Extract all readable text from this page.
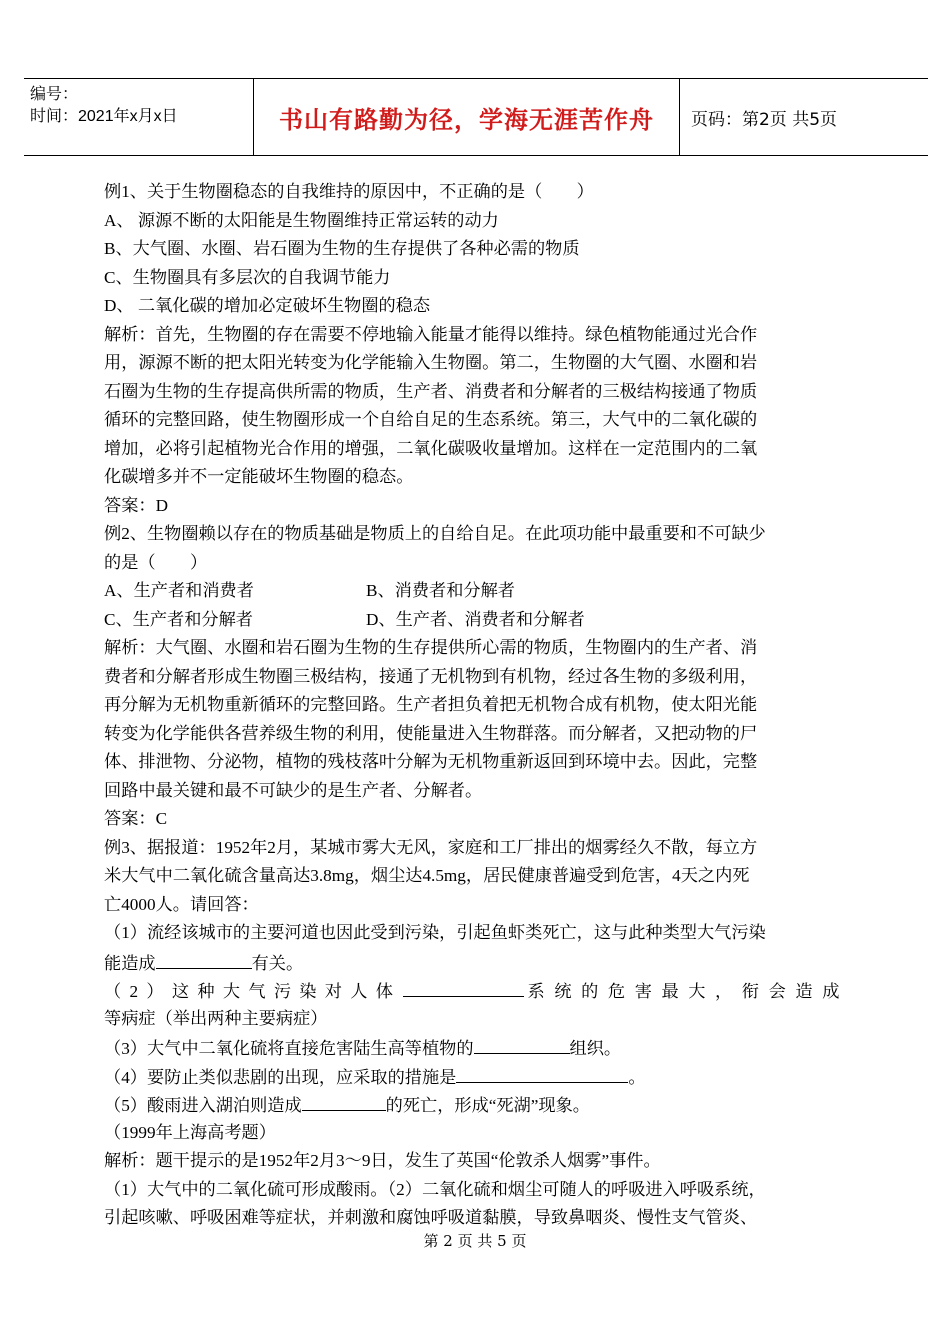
编号：
时间：2021年x月x日	书山有路勤为径，学海无涯苦作舟 页码：第2页 共5页
例1、关于生物圈稳态的自我维持的原因中，不正确的是（　　）
A、 源源不断的太阳能是生物圈维持正常运转的动力
B、大气圈、水圈、岩石圈为生物的生存提供了各种必需的物质
C、生物圈具有多层次的自我调节能力
D、 二氧化碳的增加必定破坏生物圈的稳态
解析：首先，生物圈的存在需要不停地输入能量才能得以维持。绿色植物能通过光合作
用，源源不断的把太阳光转变为化学能输入生物圈。第二，生物圈的大气圈、水圈和岩
石圈为生物的生存提高供所需的物质，生产者、消费者和分解者的三极结构接通了物质
循环的完整回路，使生物圈形成一个自给自足的生态系统。第三，大气中的二氧化碳的
增加，必将引起植物光合作用的增强，二氧化碳吸收量增加。这样在一定范围内的二氧
化碳增多并不一定能破坏生物圈的稳态。
答案：D
例2、生物圈赖以存在的物质基础是物质上的自给自足。在此项功能中最重要和不可缺少
的是（　　）
A、生产者和消费者	B、消费者和分解者
C、生产者和分解者	D、生产者、消费者和分解者
解析：大气圈、水圈和岩石圈为生物的生存提供所心需的物质，生物圈内的生产者、消
费者和分解者形成生物圈三极结构，接通了无机物到有机物，经过各生物的多级利用，
再分解为无机物重新循环的完整回路。生产者担负着把无机物合成有机物，使太阳光能
转变为化学能供各营养级生物的利用，使能量进入生物群落。而分解者，又把动物的尸
体、排泄物、分泌物，植物的残枝落叶分解为无机物重新返回到环境中去。因此，完整
回路中最关键和最不可缺少的是生产者、分解者。
答案：C
例3、据报道：1952年2月，某城市雾大无风，家庭和工厂排出的烟雾经久不散，每立方
米大气中二氧化硫含量高达3.8mg，烟尘达4.5mg，居民健康普遍受到危害，4天之内死
亡4000人。请回答：
（1）流经该城市的主要河道也因此受到污染，引起鱼虾类死亡，这与此种类型大气污染
能造成	有关。
（2）这种大气污染对人体	系统的危害最大，衔会造成
等病症（举出两种主要病症）
（3）大气中二氧化硫将直接危害陆生高等植物的	组织。
（4）要防止类似悲剧的出现，应采取的措施是	。
（5）酸雨进入湖泊则造成	的死亡，形成“死湖”现象。
（1999年上海高考题）
解析：题干提示的是1952年2月3～9日，发生了英国“伦敦杀人烟雾”事件。
（1）大气中的二氧化硫可形成酸雨。（2）二氧化硫和烟尘可随人的呼吸进入呼吸系统，
引起咳嗽、呼吸困难等症状，并刺激和腐蚀呼吸道黏膜，导致鼻咽炎、慢性支气管炎、
第 2 页 共 5 页
